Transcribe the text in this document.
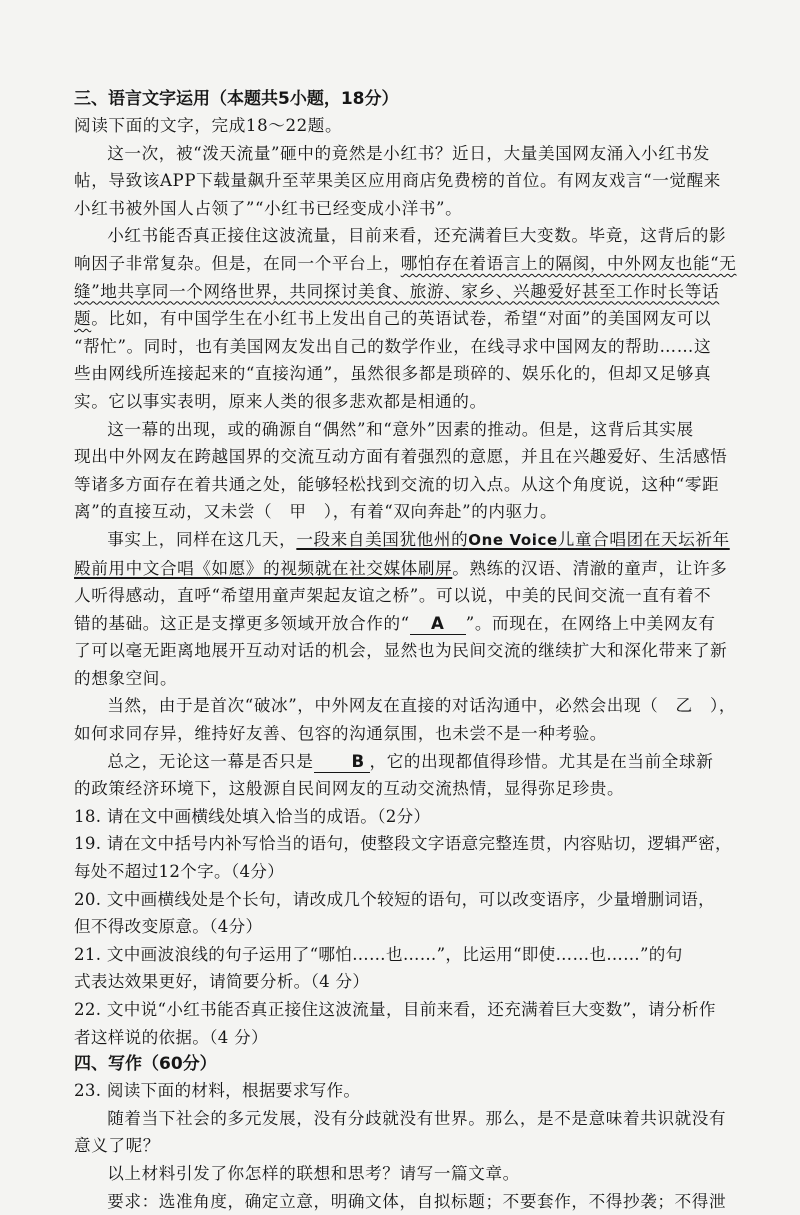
三、语言文字运用（本题共5小题，18分）

阅读下面的文字，完成18～22题。

这一次，被“泼天流量”砸中的竟然是小红书？近日，大量美国网友涌入小红书发

帖，导致该APP下载量飙升至苹果美区应用商店免费榜的首位。有网友戏言“一觉醒来

小红书被外国人占领了”“小红书已经变成小洋书”。

小红书能否真正接住这波流量，目前来看，还充满着巨大变数。毕竟，这背后的影

响因子非常复杂。但是，在同一个平台上，哪怕存在着语言上的隔阂，中外网友也能“无

缝”地共享同一个网络世界，共同探讨美食、旅游、家乡、兴趣爱好甚至工作时长等话

题。比如，有中国学生在小红书上发出自己的英语试卷，希望“对面”的美国网友可以

“帮忙”。同时，也有美国网友发出自己的数学作业，在线寻求中国网友的帮助……这

些由网线所连接起来的“直接沟通”，虽然很多都是琐碎的、娱乐化的，但却又足够真

实。它以事实表明，原来人类的很多悲欢都是相通的。

这一幕的出现，或的确源自“偶然”和“意外”因素的推动。但是，这背后其实展

现出中外网友在跨越国界的交流互动方面有着强烈的意愿，并且在兴趣爱好、生活感悟

等诸多方面存在着共通之处，能够轻松找到交流的切入点。从这个角度说，这种“零距

离”的直接互动，又未尝（　甲　），有着“双向奔赴”的内驱力。

事实上，同样在这几天，一段来自美国犹他州的One Voice儿童合唱团在天坛祈年

殿前用中文合唱《如愿》的视频就在社交媒体刷屏。熟练的汉语、清澈的童声，让许多

人听得感动，直呼“希望用童声架起友谊之桥”。可以说，中美的民间交流一直有着不

错的基础。这正是支撑更多领域开放合作的“ A ”。而现在，在网络上中美网友有

了可以毫无距离地展开互动对话的机会，显然也为民间交流的继续扩大和深化带来了新

的想象空间。

当然，由于是首次“破冰”，中外网友在直接的对话沟通中，必然会出现（　乙　），

如何求同存异，维持好友善、包容的沟通氛围，也未尝不是一种考验。

总之，无论这一幕是否只是 B ，它的出现都值得珍惜。尤其是在当前全球新

的政策经济环境下，这般源自民间网友的互动交流热情，显得弥足珍贵。

18. 请在文中画横线处填入恰当的成语。（2分）

19. 请在文中括号内补写恰当的语句，使整段文字语意完整连贯，内容贴切，逻辑严密，

每处不超过12个字。（4分）

20. 文中画横线处是个长句，请改成几个较短的语句，可以改变语序，少量增删词语，

但不得改变原意。（4分）

21. 文中画波浪线的句子运用了“哪怕……也……”，比运用“即使……也……”的句

式表达效果更好，请简要分析。（4 分）

22. 文中说“小红书能否真正接住这波流量，目前来看，还充满着巨大变数”，请分析作

者这样说的依据。（4 分）

四、写作（60分）

23. 阅读下面的材料，根据要求写作。

随着当下社会的多元发展，没有分歧就没有世界。那么，是不是意味着共识就没有

意义了呢？

以上材料引发了你怎样的联想和思考？请写一篇文章。

要求：选准角度，确定立意，明确文体，自拟标题；不要套作，不得抄袭；不得泄
